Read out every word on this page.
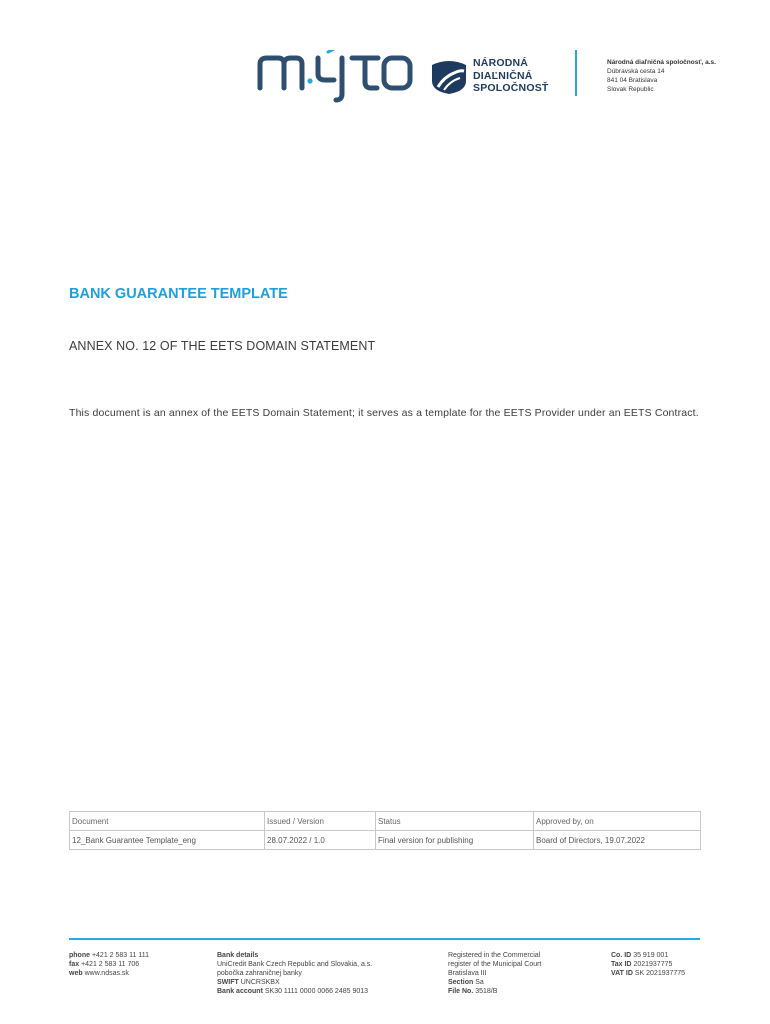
NÁRODNÁ
DIAĽNIČNÁ
SPOLOČNOSŤ
Národná diaľničná spoločnosť, a.s.
Dúbravská cesta 14
841 04 Bratislava
Slovak Republic
BANK GUARANTEE TEMPLATE
ANNEX NO. 12 OF THE EETS DOMAIN STATEMENT
This document is an annex of the EETS Domain Statement; it serves as a template for the EETS Provider under an EETS Contract.
Document	Issued / Version	Status	Approved by, on
12_Bank Guarantee Template_eng	28.07.2022 / 1.0	Final version for publishing	Board of Directors, 19.07.2022
phone +421 2 583 11 111
fax +421 2 583 11 706
web www.ndsas.sk
Bank details
UniCredit Bank Czech Republic and Slovakia, a.s.
pobočka zahraničnej banky
SWIFT UNCRSKBX
Bank account SK30 1111 0000 0066 2485 9013
Registered in the Commercial
register of the Municipal Court
Bratislava III
Section Sa
File No. 3518/B
Co. ID 35 919 001
Tax ID 2021937775
VAT ID SK 2021937775
